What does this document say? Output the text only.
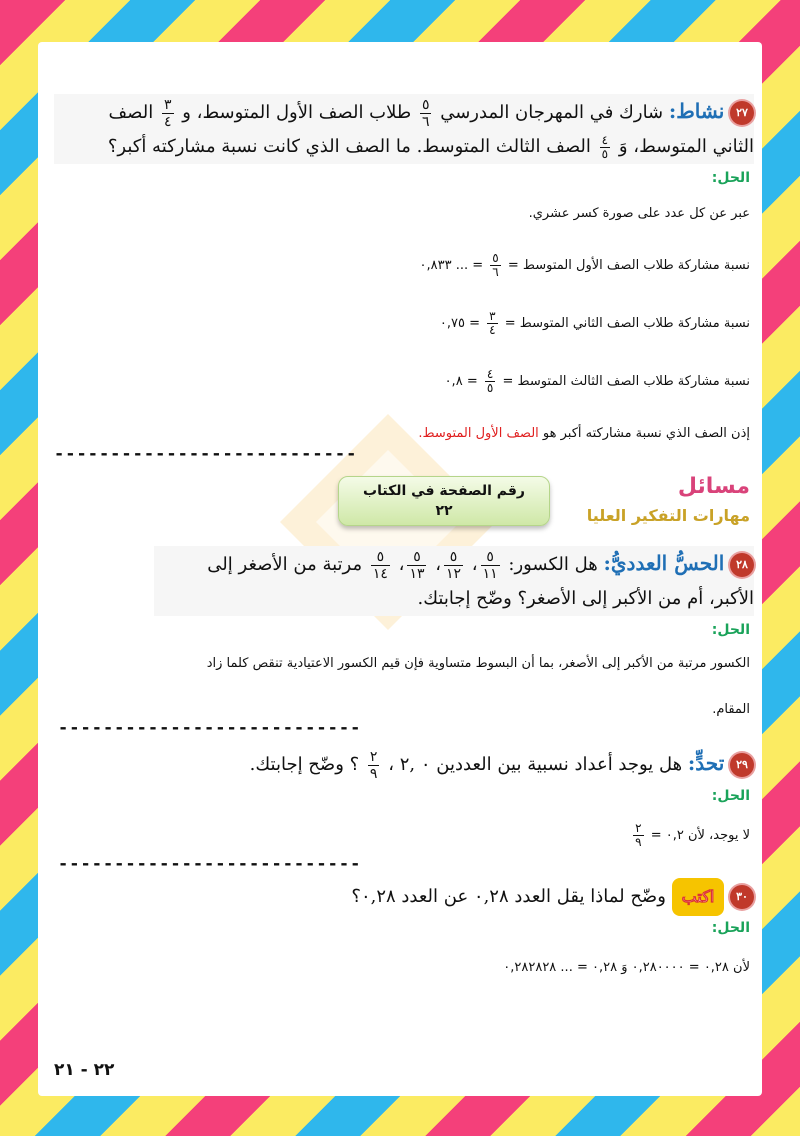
٢٧ نشاط: شارك في المهرجان المدرسي
$\frac{٥}{٦}$
طلاب الصف الأول المتوسط، و
$\frac{٣}{٤}$
الصف
الثاني المتوسط، وَ
$\frac{٤}{٥}$
الصف الثالث المتوسط. ما الصف الذي كانت نسبة مشاركته أكبر؟
الحل:
عبر عن كل عدد على صورة كسر عشري.
نسبة مشاركة طلاب الصف الأول المتوسط =
$\frac{٥}{٦}$
= ... ٠,٨٣٣
نسبة مشاركة طلاب الصف الثاني المتوسط =
$\frac{٣}{٤}$
= ٠,٧٥
نسبة مشاركة طلاب الصف الثالث المتوسط =
$\frac{٤}{٥}$
= ٠,٨
إذن الصف الذي نسبة مشاركته أكبر هو الصف الأول المتوسط.
---------------------------
مسائل
مهارات التفكير العليا
رقم الصفحة في الكتاب
٢٢
٢٨ الحسُّ العدديُّ: هل الكسور:
$\frac{٥}{١١}$
،
$\frac{٥}{١٢}$
،
$\frac{٥}{١٣}$
،
$\frac{٥}{١٤}$
مرتبة من الأصغر إلى
الأكبر، أم من الأكبر إلى الأصغر؟ وضّح إجابتك.
الحل:
الكسور مرتبة من الأكبر إلى الأصغر، بما أن البسوط متساوية فإن قيم الكسور الاعتيادية تنقص كلما زاد
المقام.
---------------------------
٢٩ تحدٍّ: هل يوجد أعداد نسبية بين العددين ٠ ,٢ ،
$\frac{٢}{٩}$
؟ وضّح إجابتك.
الحل:
لا يوجد، لأن ٠,٢ =
$\frac{٢}{٩}$
---------------------------
٣٠ اكتب وضّح لماذا يقل العدد ٠,٢٨ عن العدد ٠,٢٨؟
الحل:
لأن ٠,٢٨ = ٠,٢٨٠٠٠٠ وَ ٠,٢٨ = ... ٠,٢٨٢٨٢٨
٢٢ - ٢١
